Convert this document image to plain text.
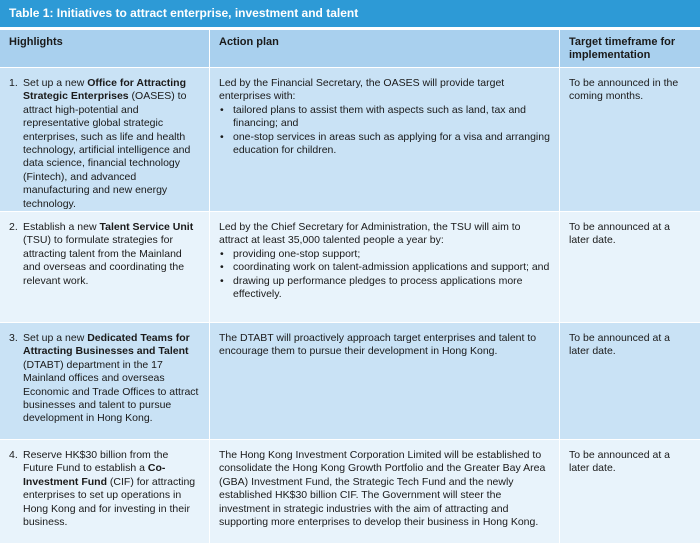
Table 1: Initiatives to attract enterprise, investment and talent
Highlights	Action plan	Target timeframe for implementation
1. Set up a new Office for Attracting Strategic Enterprises (OASES) to attract high-potential and representative global strategic enterprises, such as life and health technology, artificial intelligence and data science, financial technology (Fintech), and advanced manufacturing and new energy technology.
Led by the Financial Secretary, the OASES will provide target enterprises with:
• tailored plans to assist them with aspects such as land, tax and financing; and
• one-stop services in areas such as applying for a visa and arranging education for children.
To be announced in the coming months.
2. Establish a new Talent Service Unit (TSU) to formulate strategies for attracting talent from the Mainland and overseas and coordinating the relevant work.
Led by the Chief Secretary for Administration, the TSU will aim to attract at least 35,000 talented people a year by:
• providing one-stop support;
• coordinating work on talent-admission applications and support; and
• drawing up performance pledges to process applications more effectively.
To be announced at a later date.
3. Set up a new Dedicated Teams for Attracting Businesses and Talent (DTABT) department in the 17 Mainland offices and overseas Economic and Trade Offices to attract businesses and talent to pursue development in Hong Kong.
The DTABT will proactively approach target enterprises and talent to encourage them to pursue their development in Hong Kong.
To be announced at a later date.
4. Reserve HK$30 billion from the Future Fund to establish a Co-Investment Fund (CIF) for attracting enterprises to set up operations in Hong Kong and for investing in their business.
The Hong Kong Investment Corporation Limited will be established to consolidate the Hong Kong Growth Portfolio and the Greater Bay Area (GBA) Investment Fund, the Strategic Tech Fund and the newly established HK$30 billion CIF. The Government will steer the investment in strategic industries with the aim of attracting and supporting more enterprises to develop their business in Hong Kong.
To be announced at a later date.
